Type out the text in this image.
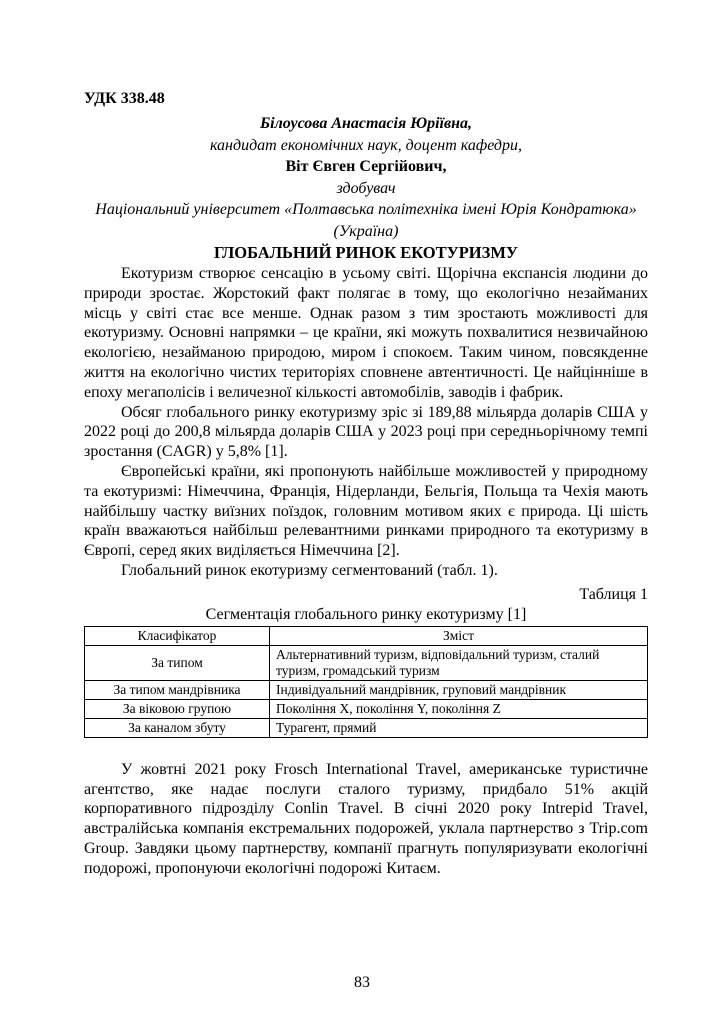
УДК 338.48
Білоусова Анастасія Юріївна,
кандидат економічних наук, доцент кафедри,
Віт Євген Сергійович,
здобувач
Національний університет «Полтавська політехніка імені Юрія Кондратюка»
(Україна)
ГЛОБАЛЬНИЙ РИНОК ЕКОТУРИЗМУ

Екотуризм створює сенсацію в усьому світі. Щорічна експансія людини до природи зростає. Жорстокий факт полягає в тому, що екологічно незайманих місць у світі стає все менше. Однак разом з тим зростають можливості для екотуризму. Основні напрямки – це країни, які можуть похвалитися незвичайною екологією, незайманою природою, миром і спокоєм. Таким чином, повсякденне життя на екологічно чистих територіях сповнене автентичності. Це найцінніше в епоху мегаполісів і величезної кількості автомобілів, заводів і фабрик.

Обсяг глобального ринку екотуризму зріс зі 189,88 мільярда доларів США у 2022 році до 200,8 мільярда доларів США у 2023 році при середньорічному темпі зростання (CAGR) у 5,8% [1].

Європейські країни, які пропонують найбільше можливостей у природному та екотуризмі: Німеччина, Франція, Нідерланди, Бельгія, Польща та Чехія мають найбільшу частку виїзних поїздок, головним мотивом яких є природа. Ці шість країн вважаються найбільш релевантними ринками природного та екотуризму в Європі, серед яких виділяється Німеччина [2].

Глобальний ринок екотуризму сегментований (табл. 1).

Таблиця 1
Сегментація глобального ринку екотуризму [1]
Класифікатор	Зміст
За типом	Альтернативний туризм, відповідальний туризм, сталий туризм, громадський туризм
За типом мандрівника	Індивідуальний мандрівник, груповий мандрівник
За віковою групою	Покоління X, покоління Y, покоління Z
За каналом збуту	Турагент, прямий

У жовтні 2021 року Frosch International Travel, американське туристичне агентство, яке надає послуги сталого туризму, придбало 51% акцій корпоративного підрозділу Conlin Travel. В січні 2020 року Intrepid Travel, австралійська компанія екстремальних подорожей, уклала партнерство з Trip.com Group. Завдяки цьому партнерству, компанії прагнуть популяризувати екологічні подорожі, пропонуючи екологічні подорожі Китаєм.

83
